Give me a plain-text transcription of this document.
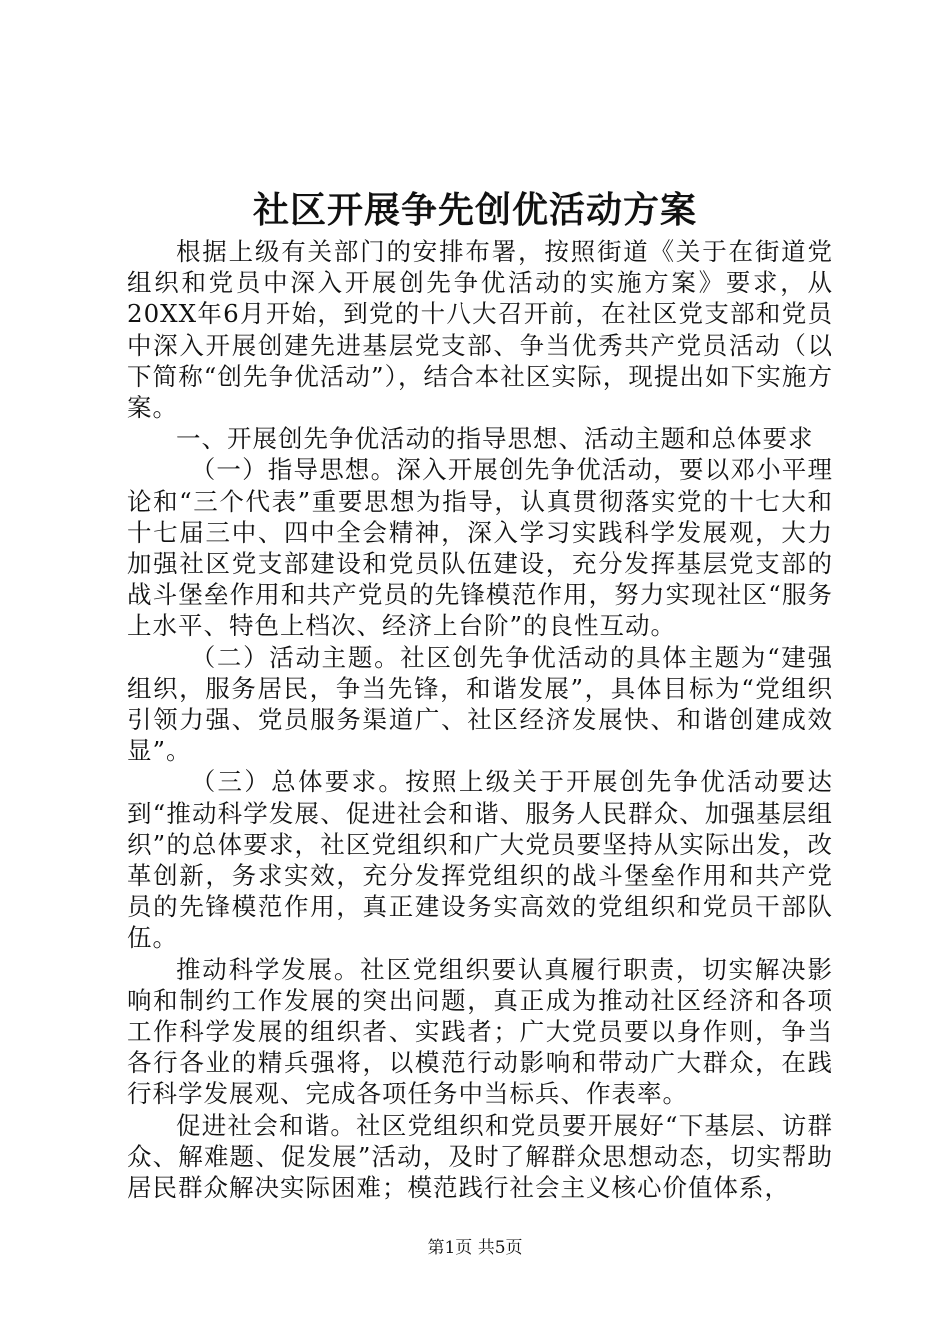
社区开展争先创优活动方案

根据上级有关部门的安排布署，按照街道《关于在街道党组织和党员中深入开展创先争优活动的实施方案》要求，从20XX年6月开始，到党的十八大召开前，在社区党支部和党员中深入开展创建先进基层党支部、争当优秀共产党员活动（以下简称“创先争优活动”），结合本社区实际，现提出如下实施方案。

一、开展创先争优活动的指导思想、活动主题和总体要求

（一）指导思想。深入开展创先争优活动，要以邓小平理论和“三个代表”重要思想为指导，认真贯彻落实党的十七大和十七届三中、四中全会精神，深入学习实践科学发展观，大力加强社区党支部建设和党员队伍建设，充分发挥基层党支部的战斗堡垒作用和共产党员的先锋模范作用，努力实现社区“服务上水平、特色上档次、经济上台阶”的良性互动。

（二）活动主题。社区创先争优活动的具体主题为“建强组织，服务居民，争当先锋，和谐发展”，具体目标为“党组织引领力强、党员服务渠道广、社区经济发展快、和谐创建成效显”。

（三）总体要求。按照上级关于开展创先争优活动要达到“推动科学发展、促进社会和谐、服务人民群众、加强基层组织”的总体要求，社区党组织和广大党员要坚持从实际出发，改革创新，务求实效，充分发挥党组织的战斗堡垒作用和共产党员的先锋模范作用，真正建设务实高效的党组织和党员干部队伍。

推动科学发展。社区党组织要认真履行职责，切实解决影响和制约工作发展的突出问题，真正成为推动社区经济和各项工作科学发展的组织者、实践者；广大党员要以身作则，争当各行各业的精兵强将，以模范行动影响和带动广大群众，在践行科学发展观、完成各项任务中当标兵、作表率。

促进社会和谐。社区党组织和党员要开展好“下基层、访群众、解难题、促发展”活动，及时了解群众思想动态，切实帮助居民群众解决实际困难；模范践行社会主义核心价值体系，

第1页 共5页
